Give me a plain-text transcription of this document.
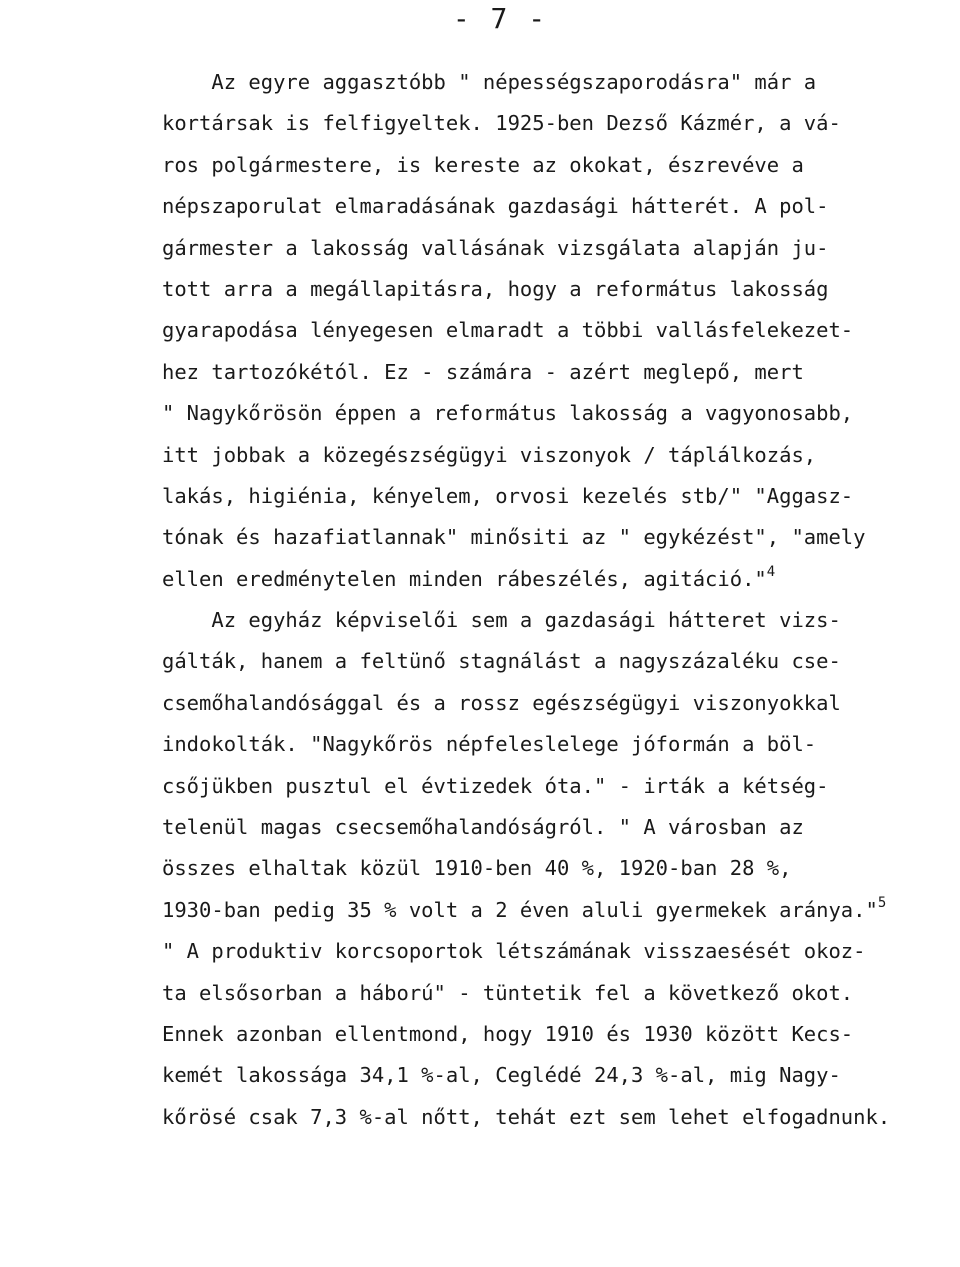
- 7 -
Az egyre aggasztóbb " népességszaporodásra" már a
kortársak is felfigyeltek. 1925-ben Dezső Kázmér, a vá-
ros polgármestere, is kereste az okokat, észrevéve a
népszaporulat elmaradásának gazdasági hátterét. A pol-
gármester a lakosság vallásának vizsgálata alapján ju-
tott arra a megállapitásra, hogy a református lakosság
gyarapodása lényegesen elmaradt a többi vallásfelekezet-
hez tartozókétól. Ez - számára - azért meglepő, mert
" Nagykőrösön éppen a református lakosság a vagyonosabb,
itt jobbak a közegészségügyi viszonyok / táplálkozás,
lakás, higiénia, kényelem, orvosi kezelés stb/" "Aggasz-
tónak és hazafiatlannak" minősiti az " egykézést", "amely
ellen eredménytelen minden rábeszélés, agitáció."$^4$
Az egyház képviselői sem a gazdasági hátteret vizs-
gálták, hanem a feltünő stagnálást a nagyszázaléku cse-
csemőhalandósággal és a rossz egészségügyi viszonyokkal
indokolták. "Nagykőrös népfeleslelege jóformán a böl-
csőjükben pusztul el évtizedek óta." - irták a kétség-
telenül magas csecsemőhalandóságról. " A városban az
összes elhaltak közül 1910-ben 40 %, 1920-ban 28 %,
1930-ban pedig 35 % volt a 2 éven aluli gyermekek aránya."$^5$
" A produktiv korcsoportok létszámának visszaesését okoz-
ta elsősorban a háború" - tüntetik fel a következő okot.
Ennek azonban ellentmond, hogy 1910 és 1930 között Kecs-
kemét lakossága 34,1 %-al, Ceglédé 24,3 %-al, mig Nagy-
kőrösé csak 7,3 %-al nőtt, tehát ezt sem lehet elfogadnunk.
